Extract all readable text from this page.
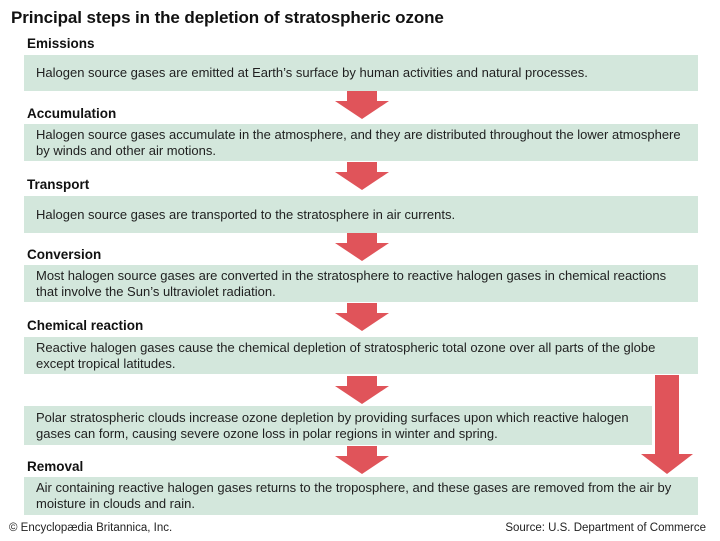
Principal steps in the depletion of stratospheric ozone
Emissions
Halogen source gases are emitted at Earth’s surface by human activities and natural processes.
Accumulation
Halogen source gases accumulate in the atmosphere, and they are distributed throughout the lower atmosphere by winds and other air motions.
Transport
Halogen source gases are transported to the stratosphere in air currents.
Conversion
Most halogen source gases are converted in the stratosphere to reactive halogen gases in chemical reactions that involve the Sun’s ultraviolet radiation.
Chemical reaction
Reactive halogen gases cause the chemical depletion of stratospheric total ozone over all parts of the globe except tropical latitudes.
Polar stratospheric clouds increase ozone depletion by providing surfaces upon which reactive halogen gases can form, causing severe ozone loss in polar regions in winter and spring.
Removal
Air containing reactive halogen gases returns to the troposphere, and these gases are removed from the air by moisture in clouds and rain.
© Encyclopædia Britannica, Inc.	Source: U.S. Department of Commerce
